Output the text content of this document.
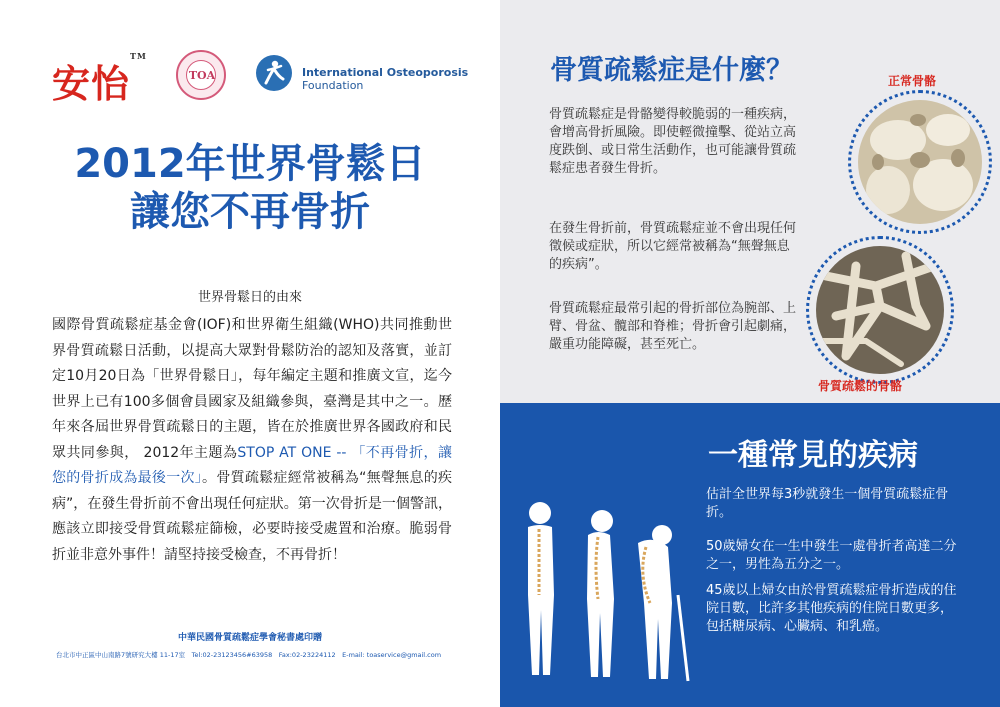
安怡™
TOA	International Osteoporosis
Foundation
2012年世界骨鬆日
讓您不再骨折
世界骨鬆日的由來
國際骨質疏鬆症基金會(IOF)和世界衛生組織(WHO)共同推動世界骨質疏鬆日活動，以提高大眾對骨鬆防治的認知及落實，並訂定10月20日為「世界骨鬆日」，每年編定主題和推廣文宣，迄今世界上已有100多個會員國家及組織參與，臺灣是其中之一。歷年來各屆世界骨質疏鬆日的主題，皆在於推廣世界各國政府和民眾共同參與， 2012年主題為STOP AT ONE -- 「不再骨折，讓您的骨折成為最後一次」。骨質疏鬆症經常被稱為“無聲無息的疾病”，在發生骨折前不會出現任何症狀。第一次骨折是一個警訊，應該立即接受骨質疏鬆症篩檢，必要時接受處置和治療。脆弱骨折並非意外事件！請堅持接受檢查，不再骨折！
中華民國骨質疏鬆症學會秘書處印贈
台北市中正區中山南路7號研究大樓 11-17室　Tel:02-23123456#63958　Fax:02-23224112　E-mail: toaservice@gmail.com
骨質疏鬆症是什麼？	正常骨骼
骨質疏鬆的骨骼
骨質疏鬆症是骨骼變得較脆弱的一種疾病，會增高骨折風險。即使輕微撞擊、從站立高度跌倒、或日常生活動作，也可能讓骨質疏鬆症患者發生骨折。
在發生骨折前，骨質疏鬆症並不會出現任何徵候或症狀，所以它經常被稱為“無聲無息的疾病”。
骨質疏鬆症最常引起的骨折部位為腕部、上臂、骨盆、髖部和脊椎；骨折會引起劇痛，嚴重功能障礙，甚至死亡。
一種常見的疾病
估計全世界每3秒就發生一個骨質疏鬆症骨折。
50歲婦女在一生中發生一處骨折者高達二分之一，男性為五分之一。
45歲以上婦女由於骨質疏鬆症骨折造成的住院日數，比許多其他疾病的住院日數更多，包括糖尿病、心臟病、和乳癌。
